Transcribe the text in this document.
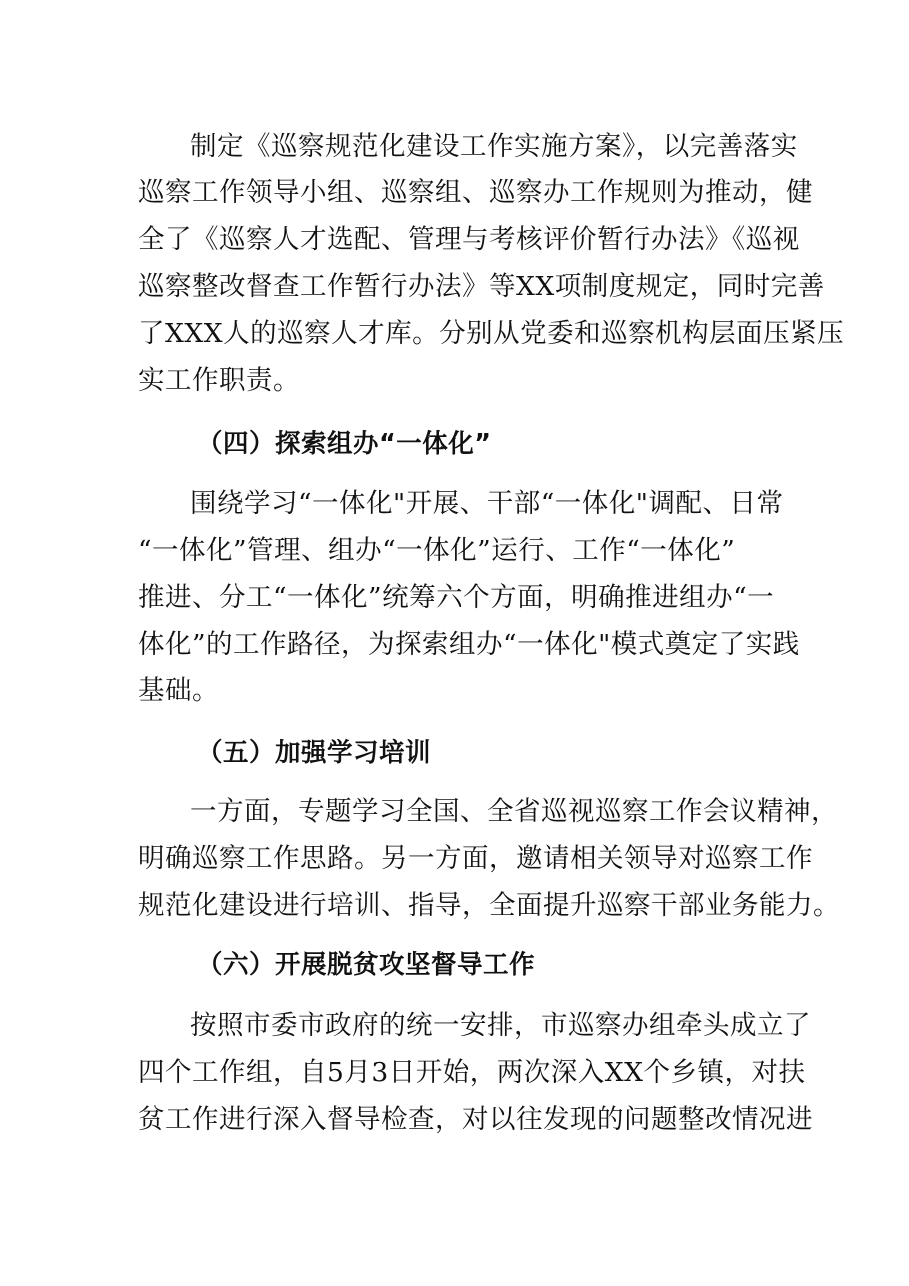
制定《巡察规范化建设工作实施方案》，以完善落实
巡察工作领导小组、巡察组、巡察办工作规则为推动，健
全了《巡察人才选配、管理与考核评价暂行办法》《巡视
巡察整改督查工作暂行办法》等XX项制度规定，同时完善
了XXX人的巡察人才库。分别从党委和巡察机构层面压紧压
实工作职责。
（四）探索组办“一体化”
围绕学习“一体化"开展、干部“一体化"调配、日常
“一体化”管理、组办“一体化”运行、工作“一体化”
推进、分工“一体化”统筹六个方面，明确推进组办“一
体化”的工作路径，为探索组办“一体化"模式奠定了实践
基础。
（五）加强学习培训
一方面，专题学习全国、全省巡视巡察工作会议精神，
明确巡察工作思路。另一方面，邀请相关领导对巡察工作
规范化建设进行培训、指导，全面提升巡察干部业务能力。
（六）开展脱贫攻坚督导工作
按照市委市政府的统一安排，市巡察办组牵头成立了
四个工作组，自5月3日开始，两次深入XX个乡镇，对扶
贫工作进行深入督导检查，对以往发现的问题整改情况进
